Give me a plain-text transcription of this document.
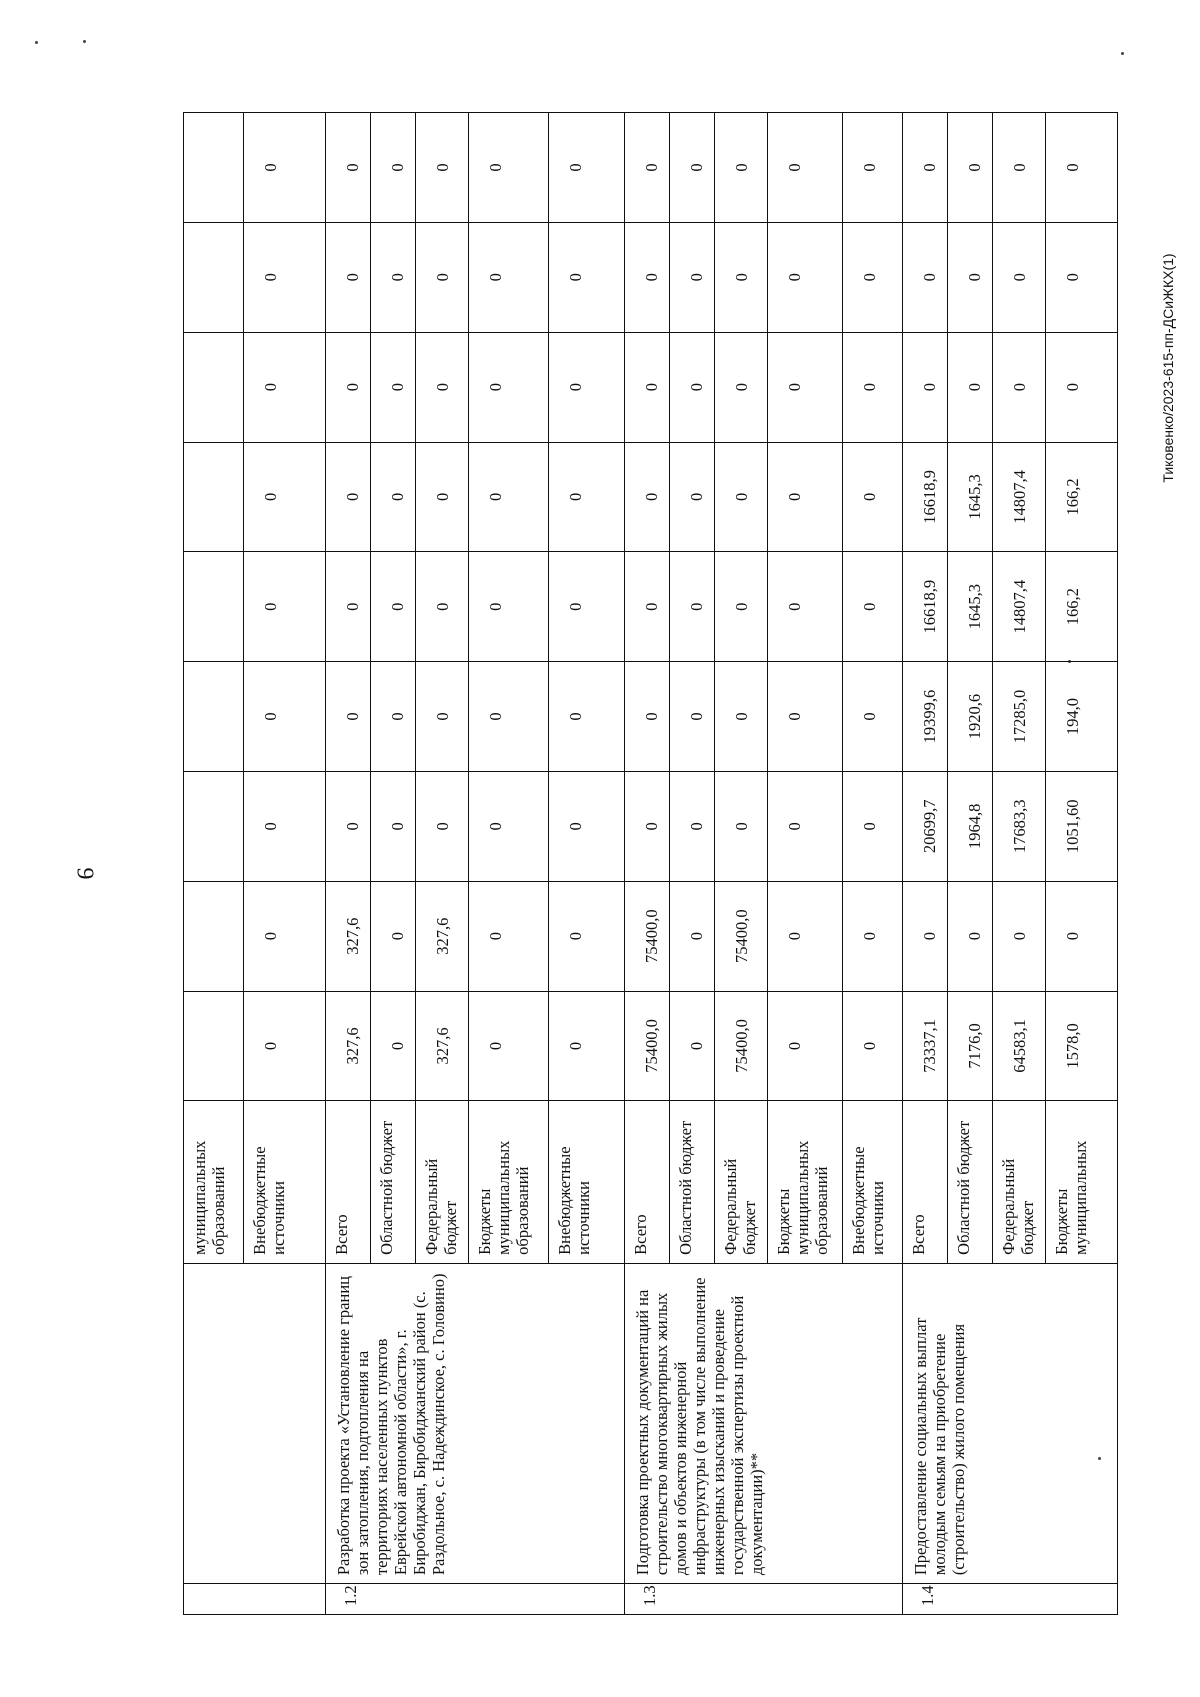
9
Тиковенко/2023-615-пп-ДСиЖКХ(1)
		муниципальных образований									
		Внебюджетные источники	0	0	0	0	0	0	0	0	0
1.2	Разработка проекта «Установление границ зон затопления, подтопления на территориях населенных пунктов Еврейской автономной области», г. Биробиджан, Биробиджанский район (с. Раздольное, с. Надеждинское, с. Головино)	Всего	327,6	327,6	0	0	0	0	0	0	0
		Областной бюджет	0	0	0	0	0	0	0	0	0
		Федеральный бюджет	327,6	327,6	0	0	0	0	0	0	0
		Бюджеты муниципальных образований	0	0	0	0	0	0	0	0	0
		Внебюджетные источники	0	0	0	0	0	0	0	0	0
1.3	Подготовка проектных документаций на строительство многоквартирных жилых домов и объектов инженерной инфраструктуры (в том числе выполнение инженерных изысканий и проведение государственной экспертизы проектной документации)**	Всего	75400,0	75400,0	0	0	0	0	0	0	0
		Областной бюджет	0	0	0	0	0	0	0	0	0
		Федеральный бюджет	75400,0	75400,0	0	0	0	0	0	0	0
		Бюджеты муниципальных образований	0	0	0	0	0	0	0	0	0
		Внебюджетные источники	0	0	0	0	0	0	0	0	0
1.4	Предоставление социальных выплат молодым семьям на приобретение (строительство) жилого помещения	Всего	73337,1	0	20699,7	19399,6	16618,9	16618,9	0	0	0
		Областной бюджет	7176,0	0	1964,8	1920,6	1645,3	1645,3	0	0	0
		Федеральный бюджет	64583,1	0	17683,3	17285,0	14807,4	14807,4	0	0	0
		Бюджеты муниципальных	1578,0	0	1051,60	194,0	166,2	166,2	0	0	0
